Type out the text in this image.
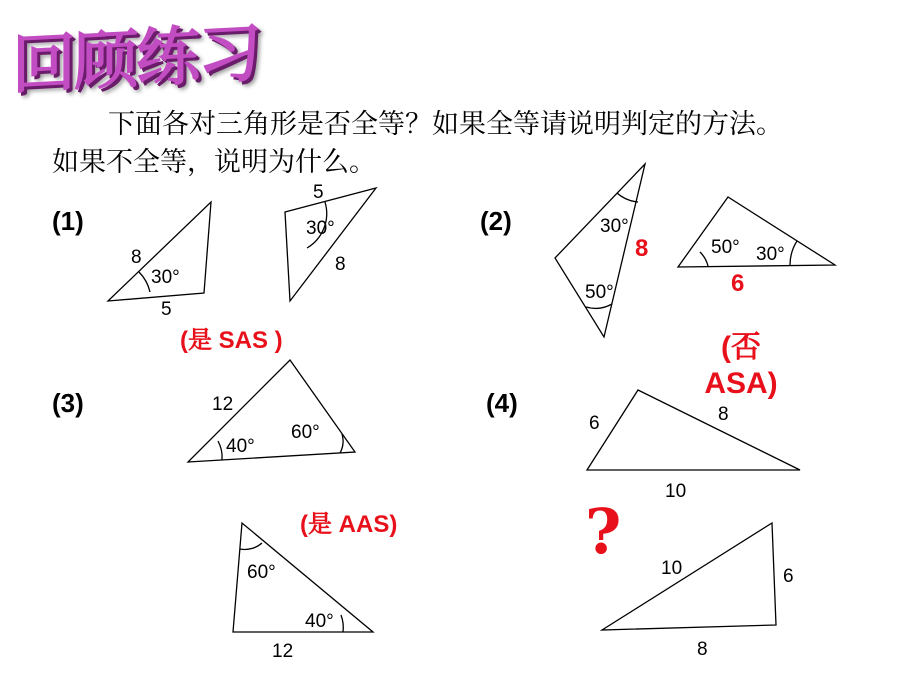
回顾练习
下面各对三角形是否全等？如果全等请说明判定的方法。
如果不全等，说明为什么。
(1)	(2)
(3)	(4)
(是 SAS )	(否 ASA)
(是 AAS)	?
8
30°
5
5
30°
8
30°
50°
8	50° 30°
6
12
40°
60°
60°
40°
12
6	8
10
10	6
8
